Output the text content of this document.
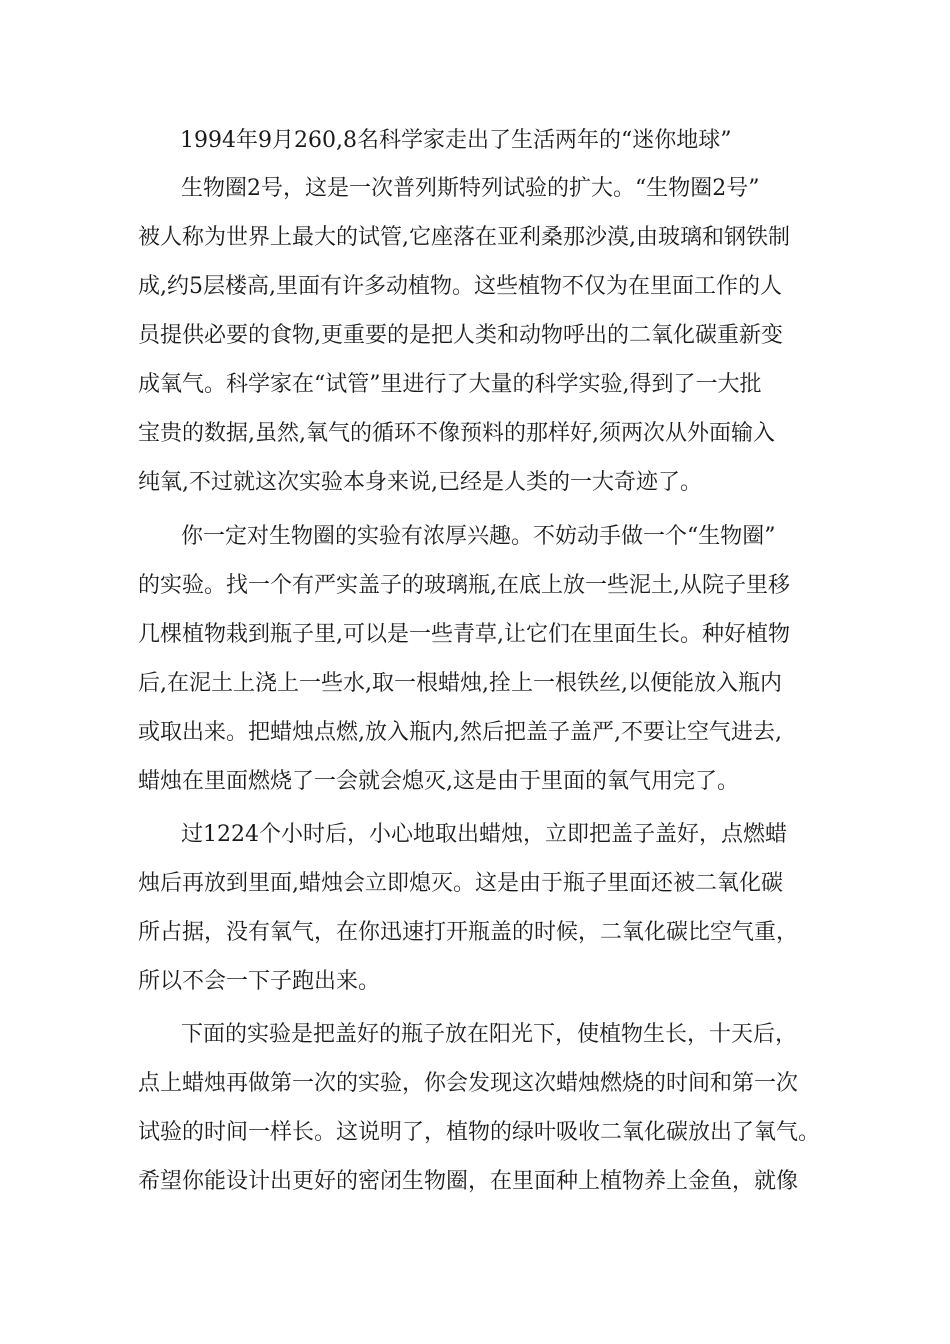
1994年9月260,8名科学家走出了生活两年的“迷你地球”
生物圈2号，这是一次普列斯特列试验的扩大。“生物圈2号”
被人称为世界上最大的试管,它座落在亚利桑那沙漠,由玻璃和钢铁制
成,约5层楼高,里面有许多动植物。这些植物不仅为在里面工作的人
员提供必要的食物,更重要的是把人类和动物呼出的二氧化碳重新变
成氧气。科学家在“试管”里进行了大量的科学实验,得到了一大批
宝贵的数据,虽然,氧气的循环不像预料的那样好,须两次从外面输入
纯氧,不过就这次实验本身来说,已经是人类的一大奇迹了。
你一定对生物圈的实验有浓厚兴趣。不妨动手做一个“生物圈”
的实验。找一个有严实盖子的玻璃瓶,在底上放一些泥土,从院子里移
几棵植物栽到瓶子里,可以是一些青草,让它们在里面生长。种好植物
后,在泥土上浇上一些水,取一根蜡烛,拴上一根铁丝,以便能放入瓶内
或取出来。把蜡烛点燃,放入瓶内,然后把盖子盖严,不要让空气进去,
蜡烛在里面燃烧了一会就会熄灭,这是由于里面的氧气用完了。
过1224个小时后，小心地取出蜡烛，立即把盖子盖好，点燃蜡
烛后再放到里面,蜡烛会立即熄灭。这是由于瓶子里面还被二氧化碳
所占据，没有氧气，在你迅速打开瓶盖的时候，二氧化碳比空气重，
所以不会一下子跑出来。
下面的实验是把盖好的瓶子放在阳光下，使植物生长，十天后，
点上蜡烛再做第一次的实验，你会发现这次蜡烛燃烧的时间和第一次
试验的时间一样长。这说明了，植物的绿叶吸收二氧化碳放出了氧气。
希望你能设计出更好的密闭生物圈，在里面种上植物养上金鱼，就像
